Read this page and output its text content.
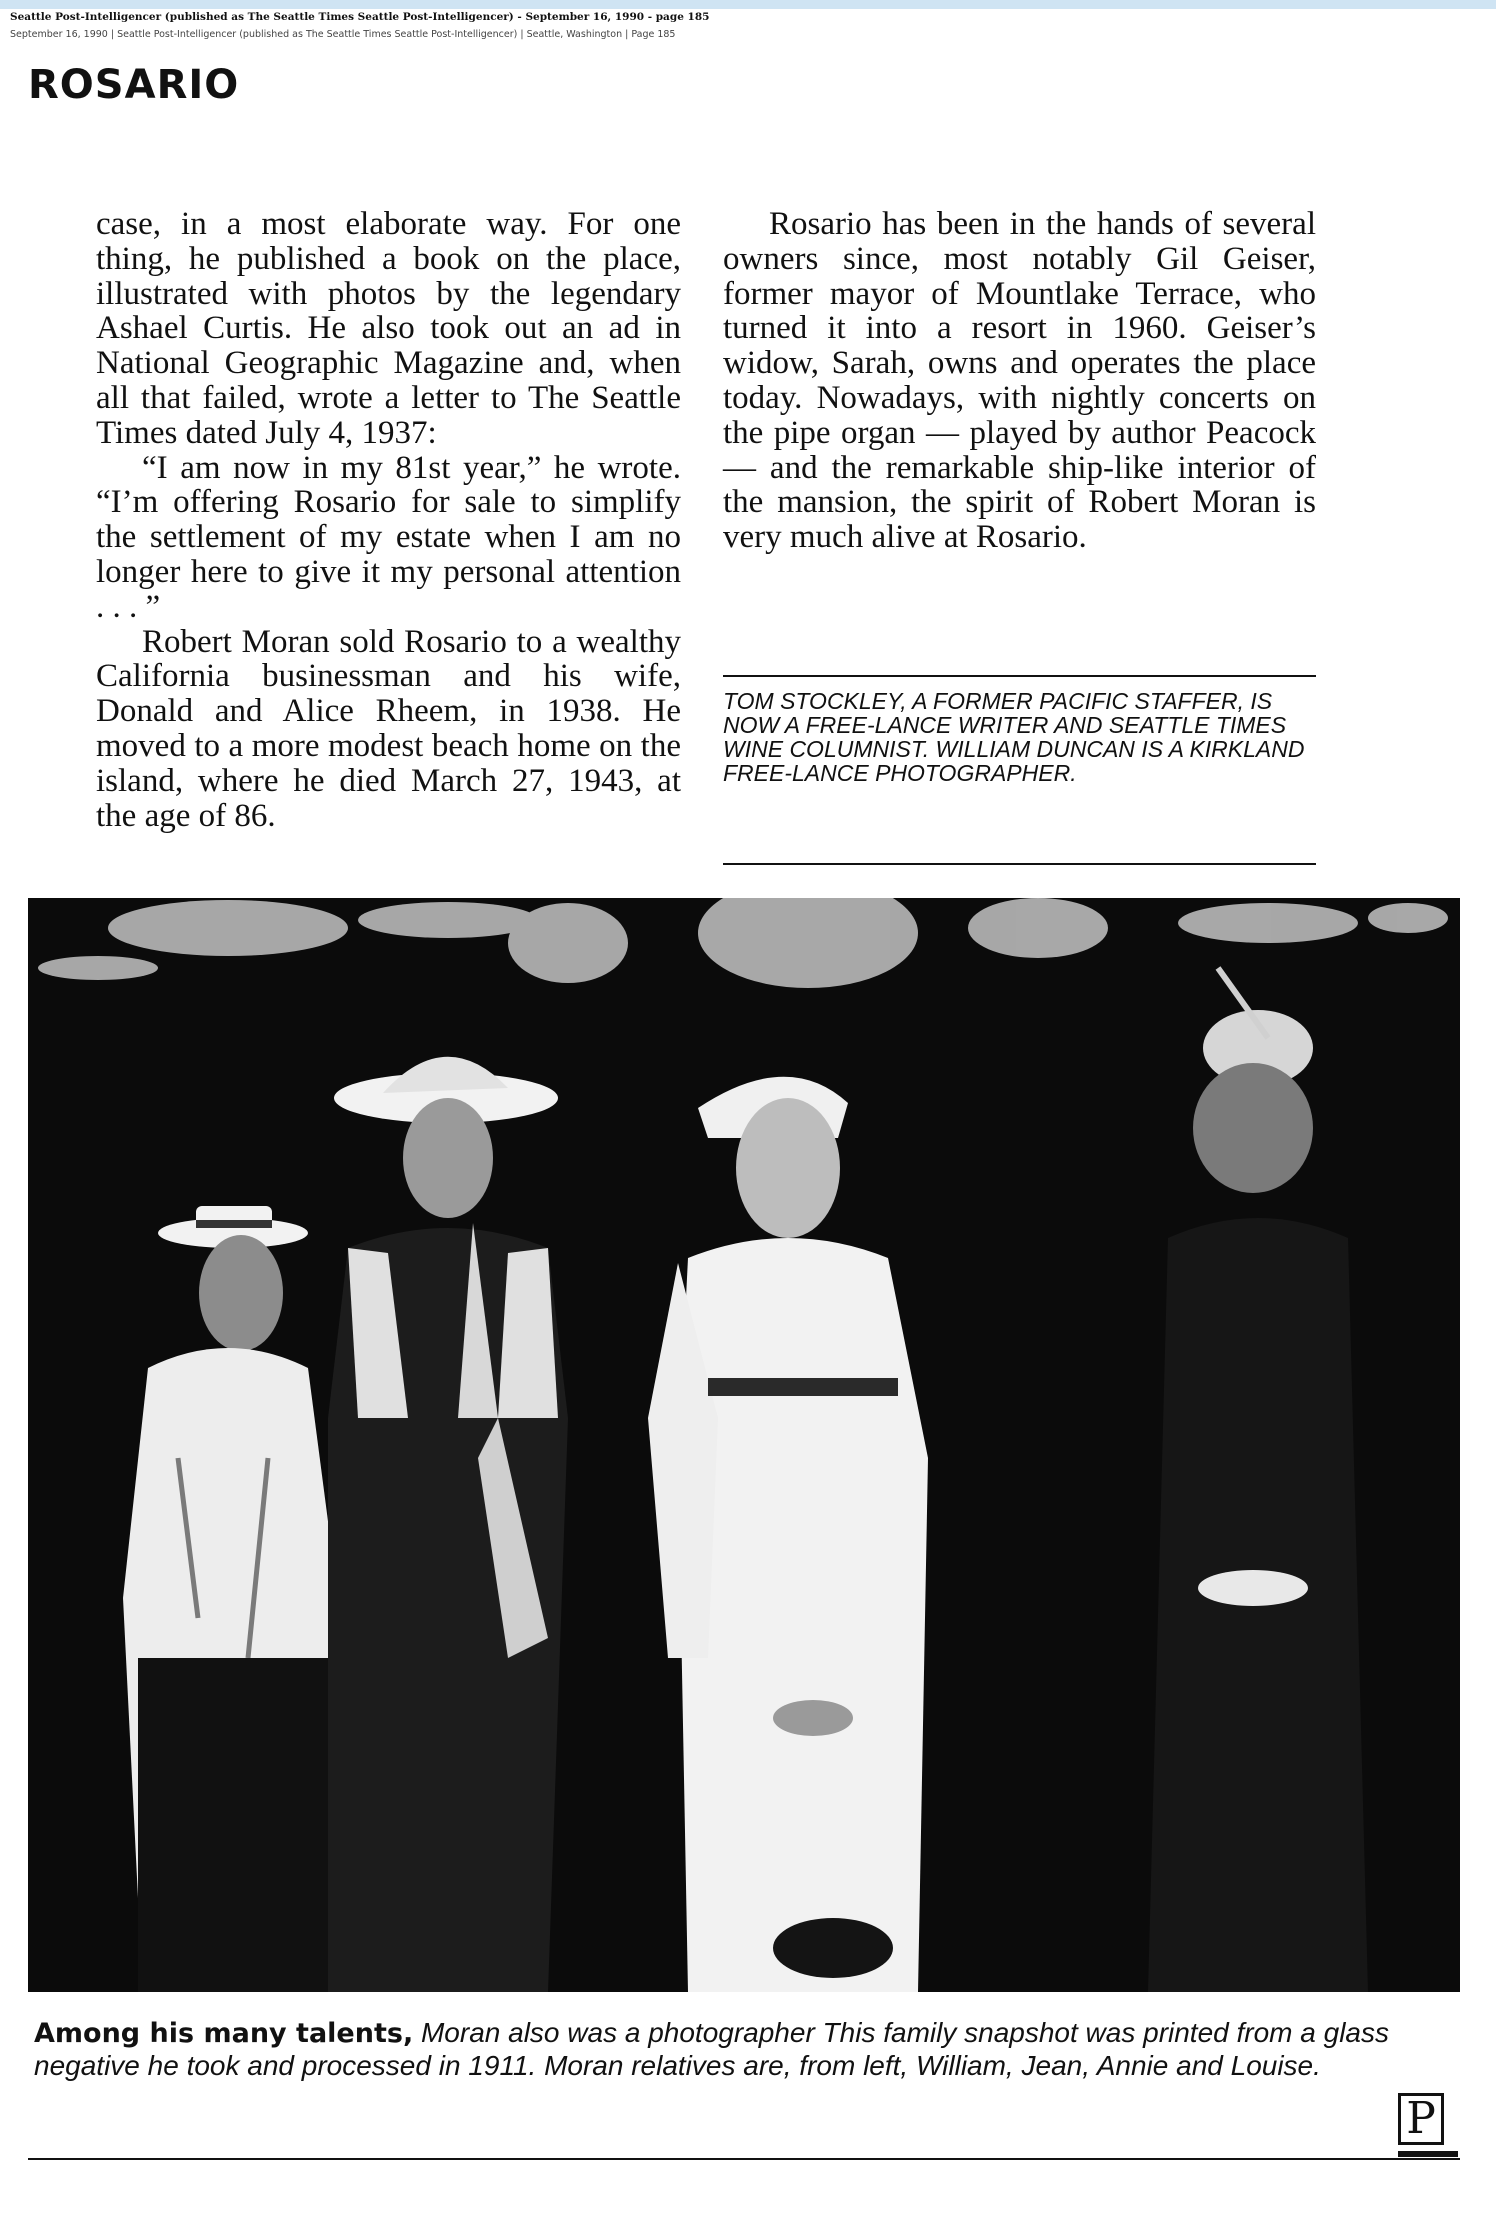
Seattle Post-Intelligencer (published as The Seattle Times Seattle Post-Intelligencer) - September 16, 1990 - page 185
September 16, 1990 | Seattle Post-Intelligencer (published as The Seattle Times Seattle Post-Intelligencer) | Seattle, Washington | Page 185
ROSARIO

case, in a most elaborate way. For one thing, he published a book on the place, illustrated with photos by the legendary Ashael Curtis. He also took out an ad in National Geographic Magazine and, when all that failed, wrote a letter to The Seattle Times dated July 4, 1937:

“I am now in my 81st year,” he wrote. “I’m offering Rosario for sale to simplify the settlement of my estate when I am no longer here to give it my personal attention . . . ”

Robert Moran sold Rosario to a wealthy California businessman and his wife, Donald and Alice Rheem, in 1938. He moved to a more modest beach home on the island, where he died March 27, 1943, at the age of 86.

Rosario has been in the hands of several owners since, most notably Gil Geiser, former mayor of Mountlake Terrace, who turned it into a resort in 1960. Geiser’s widow, Sarah, owns and operates the place today. Nowadays, with nightly concerts on the pipe organ — played by author Peacock — and the remarkable ship-like interior of the mansion, the spirit of Robert Moran is very much alive at Rosario.

TOM STOCKLEY, A FORMER PACIFIC STAFFER, IS NOW A FREE-LANCE WRITER AND SEATTLE TIMES WINE COLUMNIST. WILLIAM DUNCAN IS A KIRKLAND FREE-LANCE PHOTOGRAPHER.

Among his many talents, Moran also was a photographer This family snapshot was printed from a glass negative he took and processed in 1911. Moran relatives are, from left, William, Jean, Annie and Louise.

P
